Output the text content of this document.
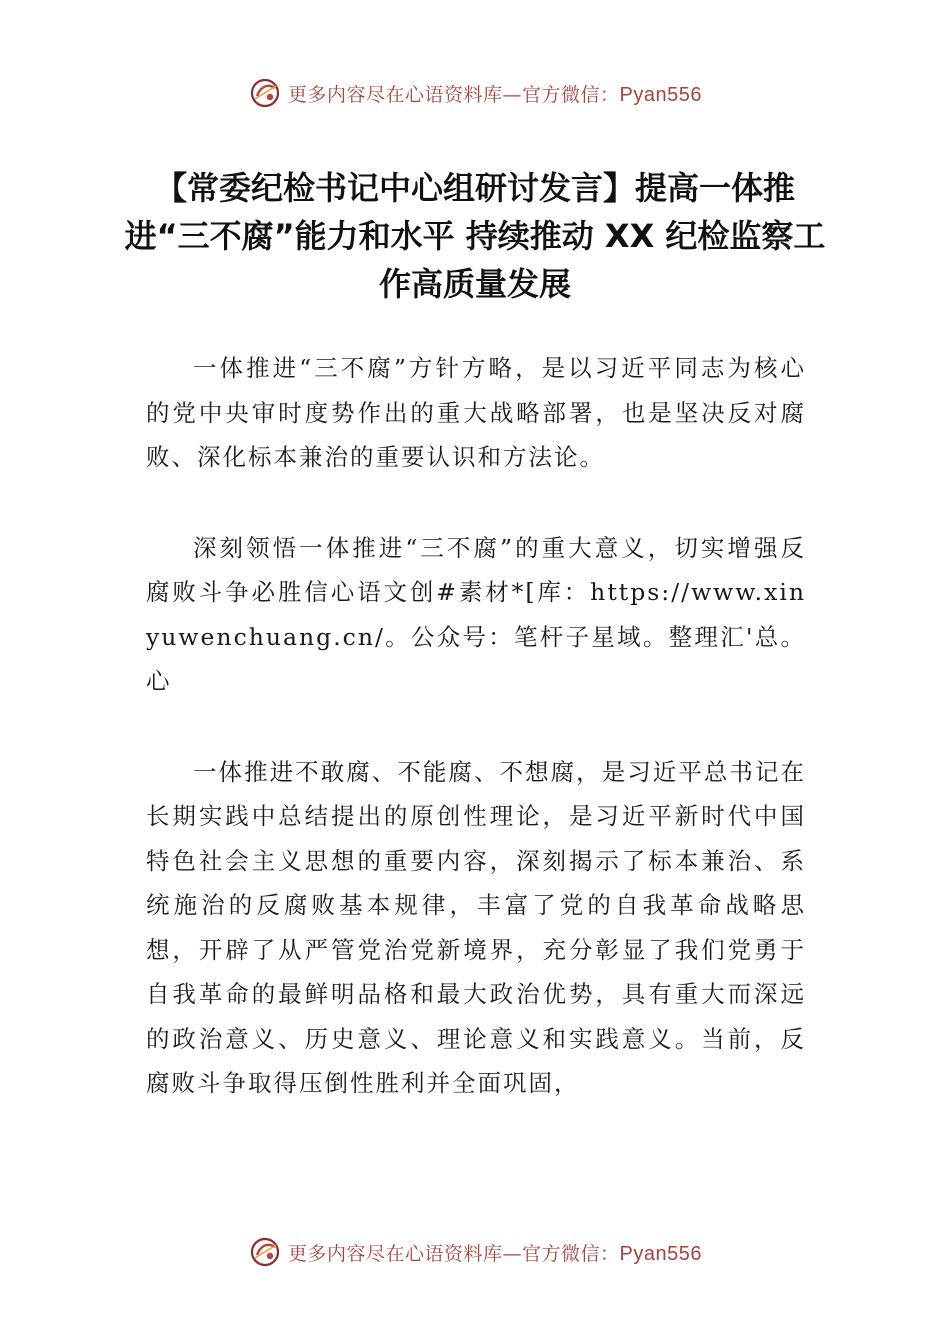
更多内容尽在心语资料库—官方微信：Pyan556
【常委纪检书记中心组研讨发言】提高一体推进“三不腐”能力和水平 持续推动 XX 纪检监察工作高质量发展

一体推进“三不腐”方针方略，是以习近平同志为核心的党中央审时度势作出的重大战略部署，也是坚决反对腐败、深化标本兼治的重要认识和方法论。

深刻领悟一体推进“三不腐”的重大意义，切实增强反腐败斗争必胜信心语文创#素材*[库：https://www.xinyuwenchuang.cn/。公众号：笔杆子星域。整理汇'总。心

一体推进不敢腐、不能腐、不想腐，是习近平总书记在长期实践中总结提出的原创性理论，是习近平新时代中国特色社会主义思想的重要内容，深刻揭示了标本兼治、系统施治的反腐败基本规律，丰富了党的自我革命战略思想，开辟了从严管党治党新境界，充分彰显了我们党勇于自我革命的最鲜明品格和最大政治优势，具有重大而深远的政治意义、历史意义、理论意义和实践意义。当前，反腐败斗争取得压倒性胜利并全面巩固，

更多内容尽在心语资料库—官方微信：Pyan556
